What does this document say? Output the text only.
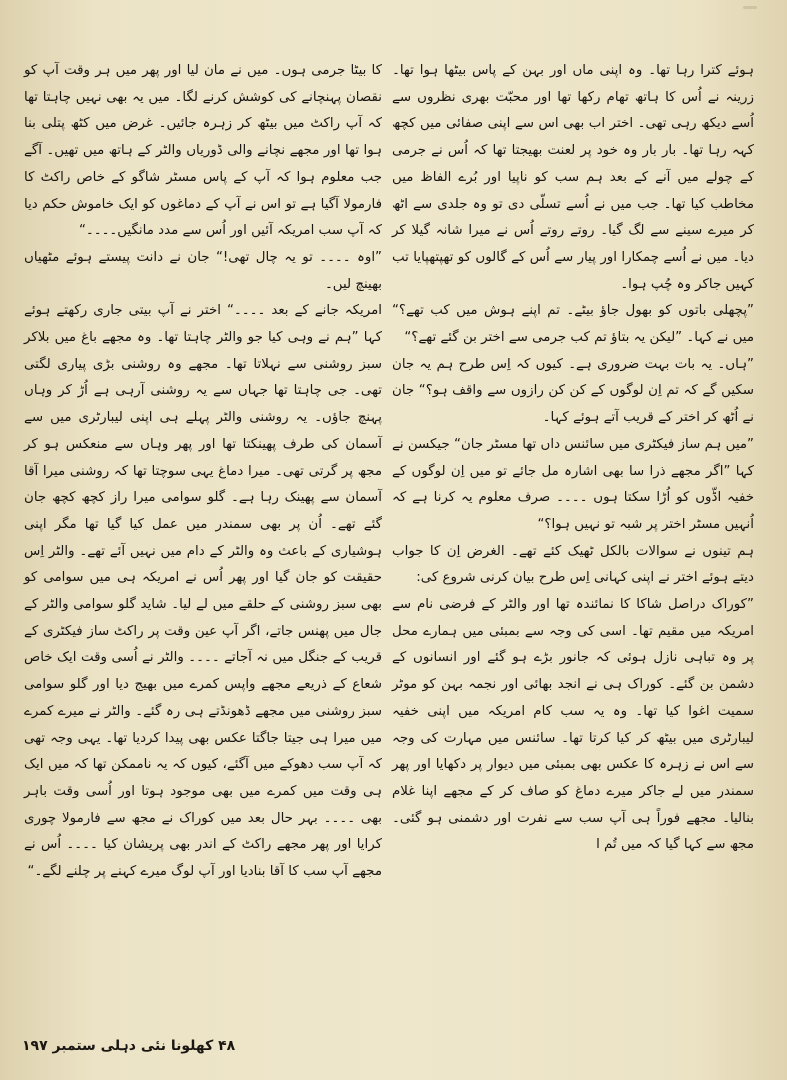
ہوئے کترا رہا تھا۔ وہ اپنی ماں اور بہن کے پاس بیٹھا ہوا تھا۔ زرینہ نے اُس کا ہاتھ تھام رکھا تھا اور محبّت بھری نظروں سے اُسے دیکھ رہی تھی۔ اختر اب بھی اس سے اپنی صفائی میں کچھ کہہ رہا تھا۔ بار بار وہ خود پر لعنت بھیجتا تھا کہ اُس نے جرمی کے چولے میں آنے کے بعد ہم سب کو ناپیا اور بُرے الفاظ میں مخاطب کیا تھا۔ جب میں نے اُسے تسلّی دی تو وہ جلدی سے اٹھ کر میرے سینے سے لگ گیا۔ روتے روتے اُس نے میرا شانہ گیلا کر دیا۔ میں نے اُسے چمکارا اور پیار سے اُس کے گالوں کو تھپتھپایا تب کہیں جاکر وہ چُپ ہوا۔

”پچھلی باتوں کو بھول جاؤ بیٹے۔ تم اپنے ہوش میں کب تھے؟“ میں نے کہا۔ ”لیکن یہ بتاؤ تم کب جرمی سے اختر بن گئے تھے؟“

”ہاں۔ یہ بات بہت ضروری ہے۔ کیوں کہ اِس طرح ہم یہ جان سکیں گے کہ تم اِن لوگوں کے کن کن رازوں سے واقف ہو؟“ جان نے اُٹھ کر اختر کے قریب آتے ہوئے کہا۔

”میں ہم ساز فیکٹری میں سائنس داں تھا مسٹر جان“ جیکسن نے کہا ”اگر مجھے ذرا سا بھی اشارہ مل جائے تو میں اِن لوگوں کے خفیہ اڈّوں کو اُڑا سکتا ہوں ۔۔۔۔ صرف معلوم یہ کرنا ہے کہ اُنہیں مسٹر اختر پر شبہ تو نہیں ہوا؟“

ہم تینوں نے سوالات بالکل ٹھیک کئے تھے۔ الغرض اِن کا جواب دیتے ہوئے اختر نے اپنی کہانی اِس طرح بیان کرنی شروع کی:

”کوراک دراصل شاکا کا نمائندہ تھا اور والٹر کے فرضی نام سے امریکہ میں مقیم تھا۔ اسی کی وجہ سے بمبئی میں ہمارے محل پر وہ تباہی نازل ہوئی کہ جانور بڑے ہو گئے اور انسانوں کے دشمن بن گئے۔ کوراک ہی نے انجد بھائی اور نجمہ بہن کو موٹر سمیت اغوا کیا تھا۔ وہ یہ سب کام امریکہ میں اپنی خفیہ لیبارٹری میں بیٹھ کر کیا کرتا تھا۔ سائنس میں مہارت کی وجہ سے اس نے زہرہ کا عکس بھی بمبئی میں دیوار پر دکھایا اور پھر سمندر میں لے جاکر میرے دماغ کو صاف کر کے مجھے اپنا غلام بنالیا۔ مجھے فوراً ہی آپ سب سے نفرت اور دشمنی ہو گئی۔ مجھ سے کہا گیا کہ میں تُم ا

کا بیٹا جرمی ہوں۔ میں نے مان لیا اور پھر میں ہر وقت آپ کو نقصان پہنچانے کی کوشش کرنے لگا۔ میں یہ بھی نہیں چاہتا تھا کہ آپ راکٹ میں بیٹھ کر زہرہ جائیں۔ غرض میں کٹھ پتلی بنا ہوا تھا اور مجھے نچانے والی ڈوریاں والٹر کے ہاتھ میں تھیں۔ آگے جب معلوم ہوا کہ آپ کے پاس مسٹر شاگو کے خاص راکٹ کا فارمولا آگیا ہے تو اس نے آپ کے دماغوں کو ایک خاموش حکم دیا کہ آپ سب امریکہ آئیں اور اُس سے مدد مانگیں۔۔۔۔“

”اوہ ۔۔۔۔ تو یہ چال تھی!“ جان نے دانت پیستے ہوئے مٹھیاں بھینچ لیں۔

امریکہ جانے کے بعد ۔۔۔۔“ اختر نے آپ بیتی جاری رکھتے ہوئے کہا ”ہم نے وہی کیا جو والٹر چاہتا تھا۔ وہ مجھے باغ میں بلاکر سبز روشنی سے نہلاتا تھا۔ مجھے وہ روشنی بڑی پیاری لگتی تھی۔ جی چاہتا تھا جہاں سے یہ روشنی آرہی ہے اُڑ کر وہاں پہنچ جاؤں۔ یہ روشنی والٹر پہلے ہی اپنی لیبارٹری میں سے آسمان کی طرف پھینکتا تھا اور پھر وہاں سے منعکس ہو کر مجھ پر گرتی تھی۔ میرا دماغ یہی سوچتا تھا کہ روشنی میرا آقا آسمان سے پھینک رہا ہے۔ گلو سوامی میرا راز کچھ کچھ جان گئے تھے۔ اُن پر بھی سمندر میں عمل کیا گیا تھا مگر اپنی ہوشیاری کے باعث وہ والٹر کے دام میں نہیں آئے تھے۔ والٹر اِس حقیقت کو جان گیا اور پھر اُس نے امریکہ ہی میں سوامی کو بھی سبز روشنی کے حلقے میں لے لیا۔ شاید گلو سوامی والٹر کے جال میں پھنس جاتے، اگر آپ عین وقت پر راکٹ ساز فیکٹری کے قریب کے جنگل میں نہ آجاتے ۔۔۔۔ والٹر نے اُسی وقت ایک خاص شعاع کے ذریعے مجھے واپس کمرے میں بھیج دیا اور گلو سوامی سبز روشنی میں مجھے ڈھونڈتے ہی رہ گئے۔ والٹر نے میرے کمرے میں میرا ہی جیتا جاگتا عکس بھی پیدا کردیا تھا۔ یہی وجہ تھی کہ آپ سب دھوکے میں آگئے، کیوں کہ یہ ناممکن تھا کہ میں ایک ہی وقت میں کمرے میں بھی موجود ہوتا اور اُسی وقت باہر بھی ۔۔۔۔ بہر حال بعد میں کوراک نے مجھ سے فارمولا چوری کرایا اور پھر مجھے راکٹ کے اندر بھی پریشان کیا ۔۔۔۔ اُس نے مجھے آپ سب کا آقا بنادیا اور آپ لوگ میرے کہنے پر چلنے لگے۔“

۴۸ کھلونا نئی دہلی ستمبر ۱۹۷
